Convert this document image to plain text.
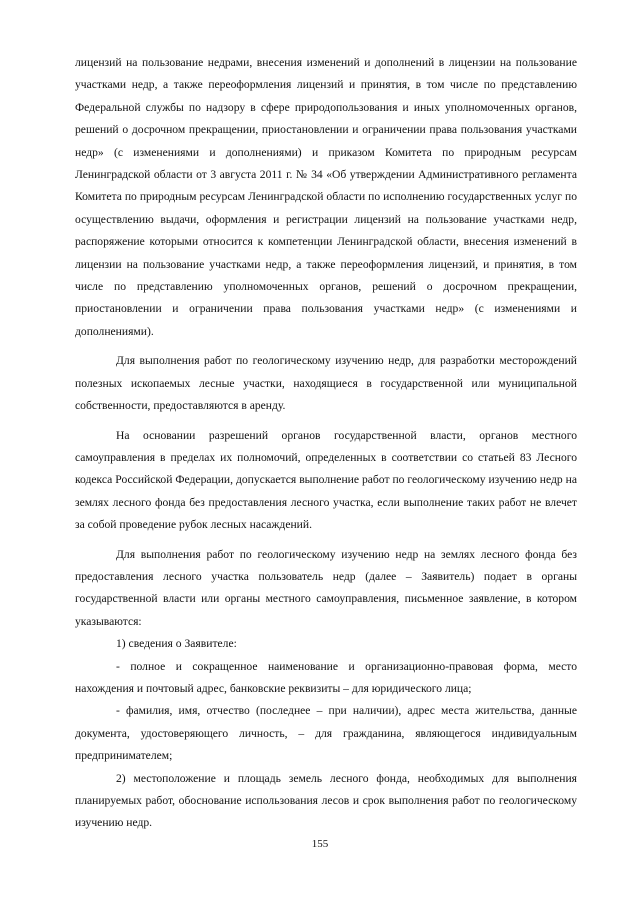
лицензий на пользование недрами, внесения изменений и дополнений в лицензии на пользование участками недр, а также переоформления лицензий и принятия, в том числе по представлению Федеральной службы по надзору в сфере природопользования и иных уполномоченных органов, решений о досрочном прекращении, приостановлении и ограничении права пользования участками недр» (с изменениями и дополнениями) и приказом Комитета по природным ресурсам Ленинградской области от 3 августа 2011 г. № 34 «Об утверждении Административного регламента Комитета по природным ресурсам Ленинградской области по исполнению государственных услуг по осуществлению выдачи, оформления и регистрации лицензий на пользование участками недр, распоряжение которыми относится к компетенции Ленинградской области, внесения изменений в лицензии на пользование участками недр, а также переоформления лицензий, и принятия, в том числе по представлению уполномоченных органов, решений о досрочном прекращении, приостановлении и ограничении права пользования участками недр» (с изменениями и дополнениями).

Для выполнения работ по геологическому изучению недр, для разработки месторождений полезных ископаемых лесные участки, находящиеся в государственной или муниципальной собственности, предоставляются в аренду.

На основании разрешений органов государственной власти, органов местного самоуправления в пределах их полномочий, определенных в соответствии со статьей 83 Лесного кодекса Российской Федерации, допускается выполнение работ по геологическому изучению недр на землях лесного фонда без предоставления лесного участка, если выполнение таких работ не влечет за собой проведение рубок лесных насаждений.

Для выполнения работ по геологическому изучению недр на землях лесного фонда без предоставления лесного участка пользователь недр (далее – Заявитель) подает в органы государственной власти или органы местного самоуправления, письменное заявление, в котором указываются:

1) сведения о Заявителе:

- полное и сокращенное наименование и организационно-правовая форма, место нахождения и почтовый адрес, банковские реквизиты – для юридического лица;

- фамилия, имя, отчество (последнее – при наличии), адрес места жительства, данные документа, удостоверяющего личность, – для гражданина, являющегося индивидуальным предпринимателем;

2) местоположение и площадь земель лесного фонда, необходимых для выполнения планируемых работ, обоснование использования лесов и срок выполнения работ по геологическому изучению недр.

155
